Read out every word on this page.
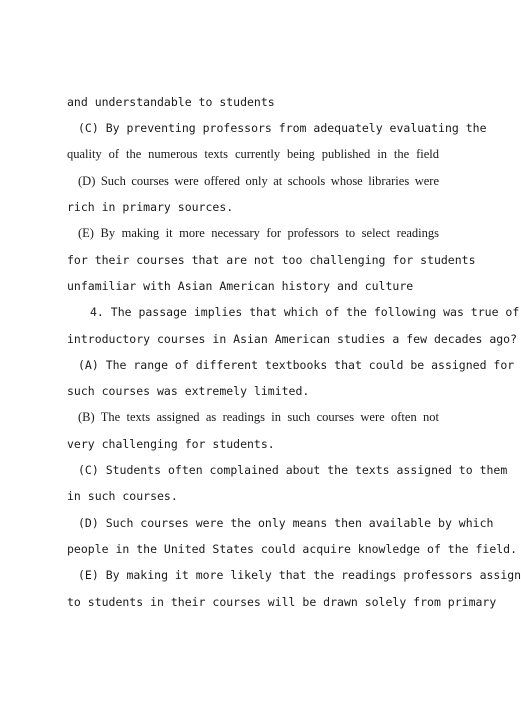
and understandable to students
(C) By preventing professors from adequately evaluating the
quality of the numerous texts currently being published in the field
(D) Such courses were offered only at schools whose libraries were
rich in primary sources.
(E) By making it more necessary for professors to select readings
for their courses that are not too challenging for students
unfamiliar with Asian American history and culture
4. The passage implies that which of the following was true of
introductory courses in Asian American studies a few decades ago?
(A) The range of different textbooks that could be assigned for
such courses was extremely limited.
(B) The texts assigned as readings in such courses were often not
very challenging for students.
(C) Students often complained about the texts assigned to them
in such courses.
(D) Such courses were the only means then available by which
people in the United States could acquire knowledge of the field.
(E) By making it more likely that the readings professors assign
to students in their courses will be drawn solely from primary
